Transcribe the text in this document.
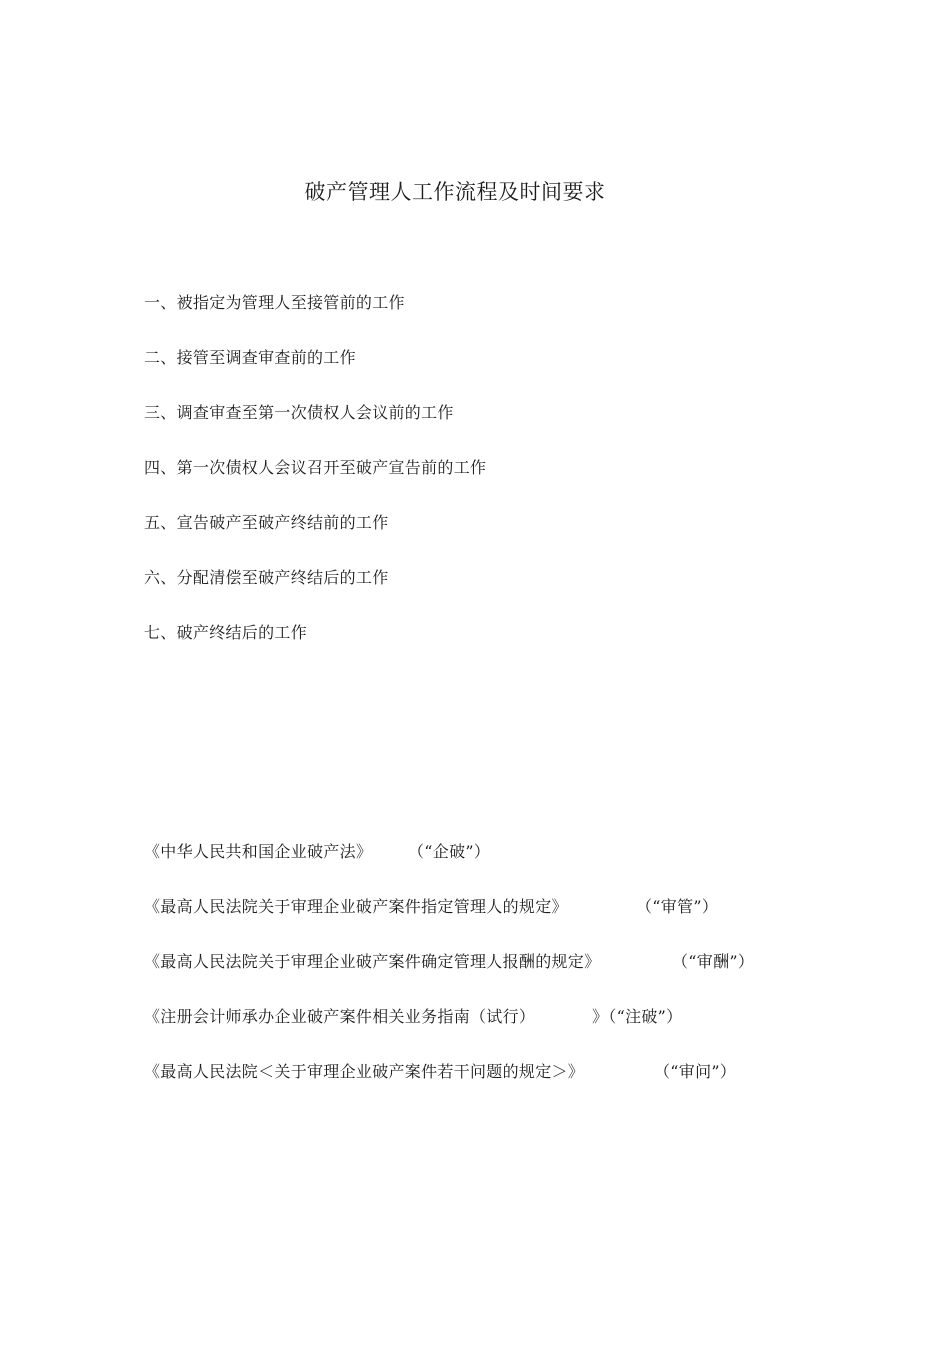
破产管理人工作流程及时间要求
一、被指定为管理人至接管前的工作
二、接管至调查审查前的工作
三、调查审查至第一次债权人会议前的工作
四、第一次债权人会议召开至破产宣告前的工作
五、宣告破产至破产终结前的工作
六、分配清偿至破产终结后的工作
七、破产终结后的工作
《中华人民共和国企业破产法》 （“企破”）
《最高人民法院关于审理企业破产案件指定管理人的规定》	（“审管”）
《最高人民法院关于审理企业破产案件确定管理人报酬的规定》	（“审酬”）
《注册会计师承办企业破产案件相关业务指南（试行）	》（“注破”）
《最高人民法院＜关于审理企业破产案件若干问题的规定＞》	（“审问”）
